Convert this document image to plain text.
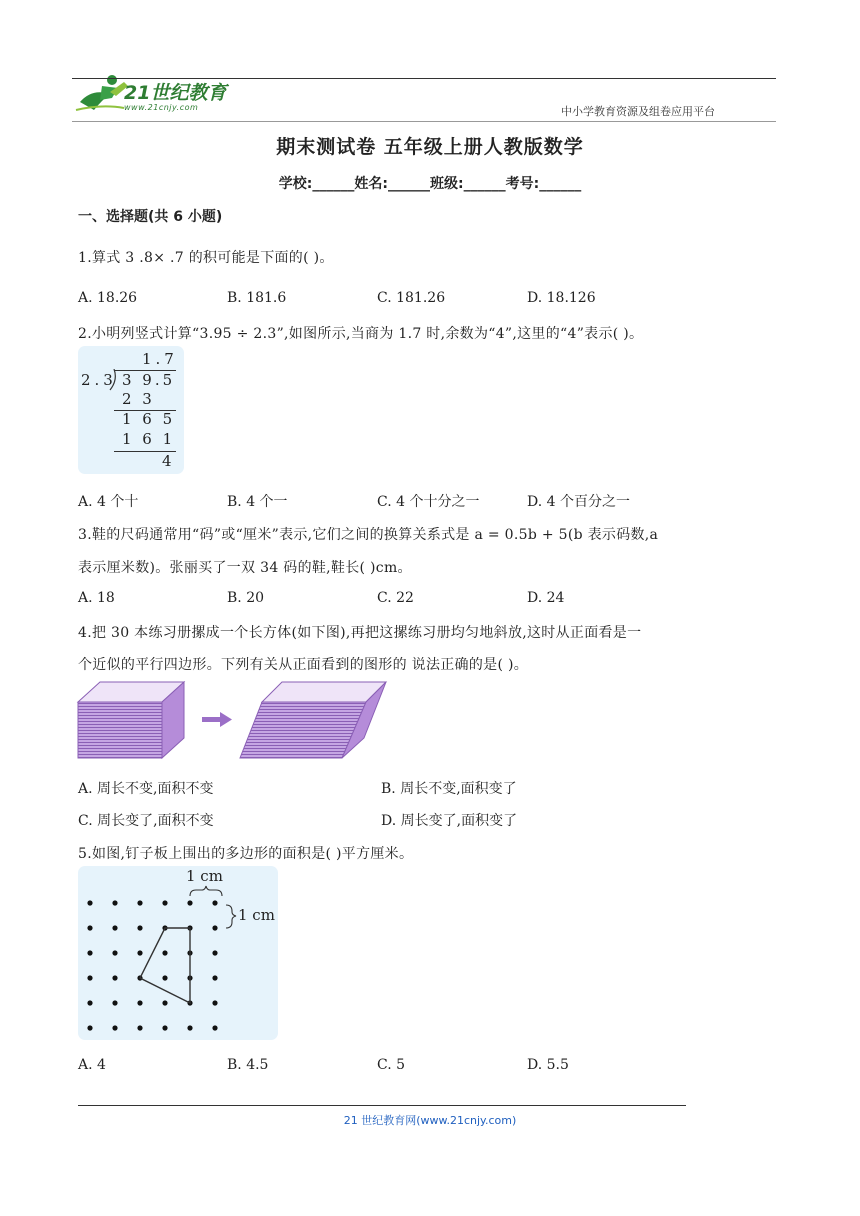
21世纪教育
www.21cnjy.com	中小学教育资源及组卷应用平台
期末测试卷 五年级上册人教版数学
学校:______姓名:______班级:______考号:______
一、选择题(共 6 小题)
1.算式 3 .8× .7 的积可能是下面的( )。
A. 18.26	B. 181.6	C. 181.26	D. 18.126
2.小明列竖式计算“3.95 ÷ 2.3”,如图所示,当商为 1.7 时,余数为“4”,这里的“4”表示( )。
1.7
2.3 3 9.5
2 3
1 6 5
1 6 1
4
A. 4 个十	B. 4 个一	C. 4 个十分之一	D. 4 个百分之一
3.鞋的尺码通常用“码”或“厘米”表示,它们之间的换算关系式是 a = 0.5b + 5(b 表示码数,a
表示厘米数)。张丽买了一双 34 码的鞋,鞋长( )cm。
A. 18	B. 20	C. 22	D. 24
4.把 30 本练习册摞成一个长方体(如下图),再把这摞练习册均匀地斜放,这时从正面看是一
个近似的平行四边形。下列有关从正面看到的图形的 说法正确的是( )。
A. 周长不变,面积不变	B. 周长不变,面积变了
C. 周长变了,面积不变	D. 周长变了,面积变了
5.如图,钉子板上围出的多边形的面积是( )平方厘米。
1 cm
1 cm
A. 4	B. 4.5	C. 5	D. 5.5
21 世纪教育网(www.21cnjy.com)
